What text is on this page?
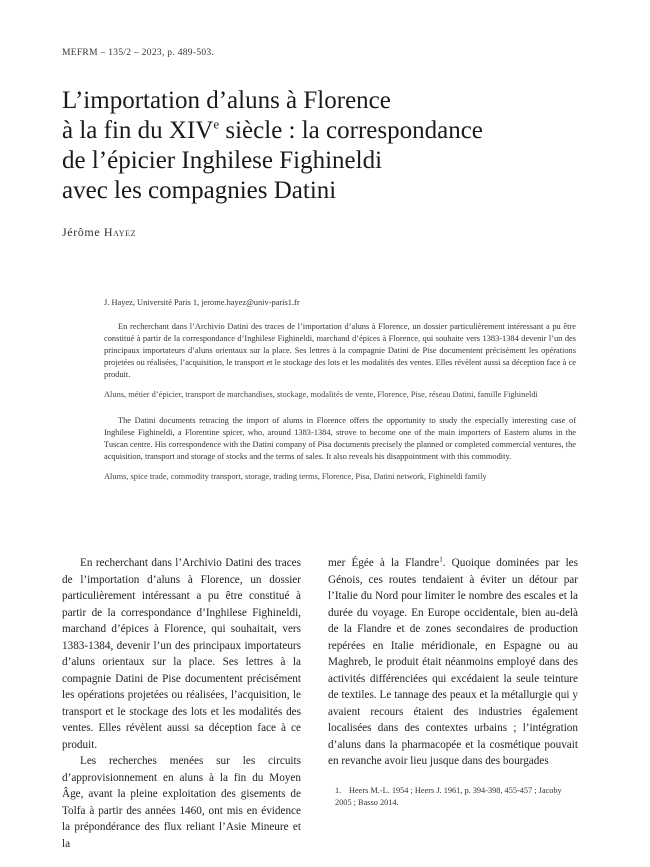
MEFRM – 135/2 – 2023, p. 489-503.
L’importation d’aluns à Florence
à la fin du XIVe siècle : la correspondance
de l’épicier Inghilese Fighineldi
avec les compagnies Datini
Jérôme Hayez

J. Hayez, Université Paris 1, jerome.hayez@univ-paris1.fr

En recherchant dans l’Archivio Datini des traces de l’importation d’aluns à Florence, un dossier particulièrement intéressant a pu être constitué à partir de la correspondance d’Inghilese Fighineldi, marchand d’épices à Florence, qui souhaite vers 1383-1384 devenir l’un des principaux importateurs d’aluns orientaux sur la place. Ses lettres à la compagnie Datini de Pise documentent précisément les opérations projetées ou réalisées, l’acquisition, le transport et le stockage des lots et les modalités des ventes. Elles révèlent aussi sa déception face à ce produit.

Aluns, métier d’épicier, transport de marchandises, stockage, modalités de vente, Florence, Pise, réseau Datini, famille Fighineldi

The Datini documents retracing the import of alums in Florence offers the opportunity to study the especially interesting case of Inghilese Fighineldi, a Florentine spicer, who, around 1383-1384, strove to become one of the main importers of Eastern alums in the Tuscan centre. His correspondence with the Datini company of Pisa documents precisely the planned or completed commercial ventures, the acquisition, transport and storage of stocks and the terms of sales. It also reveals his disappointment with this commodity.

Alums, spice trade, commodity transport, storage, trading terms, Florence, Pisa, Datini network, Fighineldi family

En recherchant dans l’Archivio Datini des traces de l’importation d’aluns à Florence, un dossier particulièrement intéressant a pu être constitué à partir de la correspondance d’Inghilese Fighineldi, marchand d’épices à Florence, qui souhaitait, vers 1383-1384, devenir l’un des principaux importateurs d’aluns orientaux sur la place. Ses lettres à la compagnie Datini de Pise documentent précisément les opérations projetées ou réalisées, l’acquisition, le transport et le stockage des lots et les modalités des ventes. Elles révèlent aussi sa déception face à ce produit.

Les recherches menées sur les circuits d’approvisionnement en aluns à la fin du Moyen Âge, avant la pleine exploitation des gisements de Tolfa à partir des années 1460, ont mis en évidence la prépondérance des flux reliant l’Asie Mineure et la

mer Égée à la Flandre$^1$. Quoique dominées par les Génois, ces routes tendaient à éviter un détour par l’Italie du Nord pour limiter le nombre des escales et la durée du voyage. En Europe occidentale, bien au-delà de la Flandre et de zones secondaires de production repérées en Italie méridionale, en Espagne ou au Maghreb, le produit était néanmoins employé dans des activités différenciées qui excédaient la seule teinture de textiles. Le tannage des peaux et la métallurgie qui y avaient recours étaient des industries également localisées dans des contextes urbains ; l’intégration d’aluns dans la pharmacopée et la cosmétique pouvait en revanche avoir lieu jusque dans des bourgades

1. Heers M.-L. 1954 ; Heers J. 1961, p. 394-398, 455-457 ; Jacoby 2005 ; Basso 2014.
